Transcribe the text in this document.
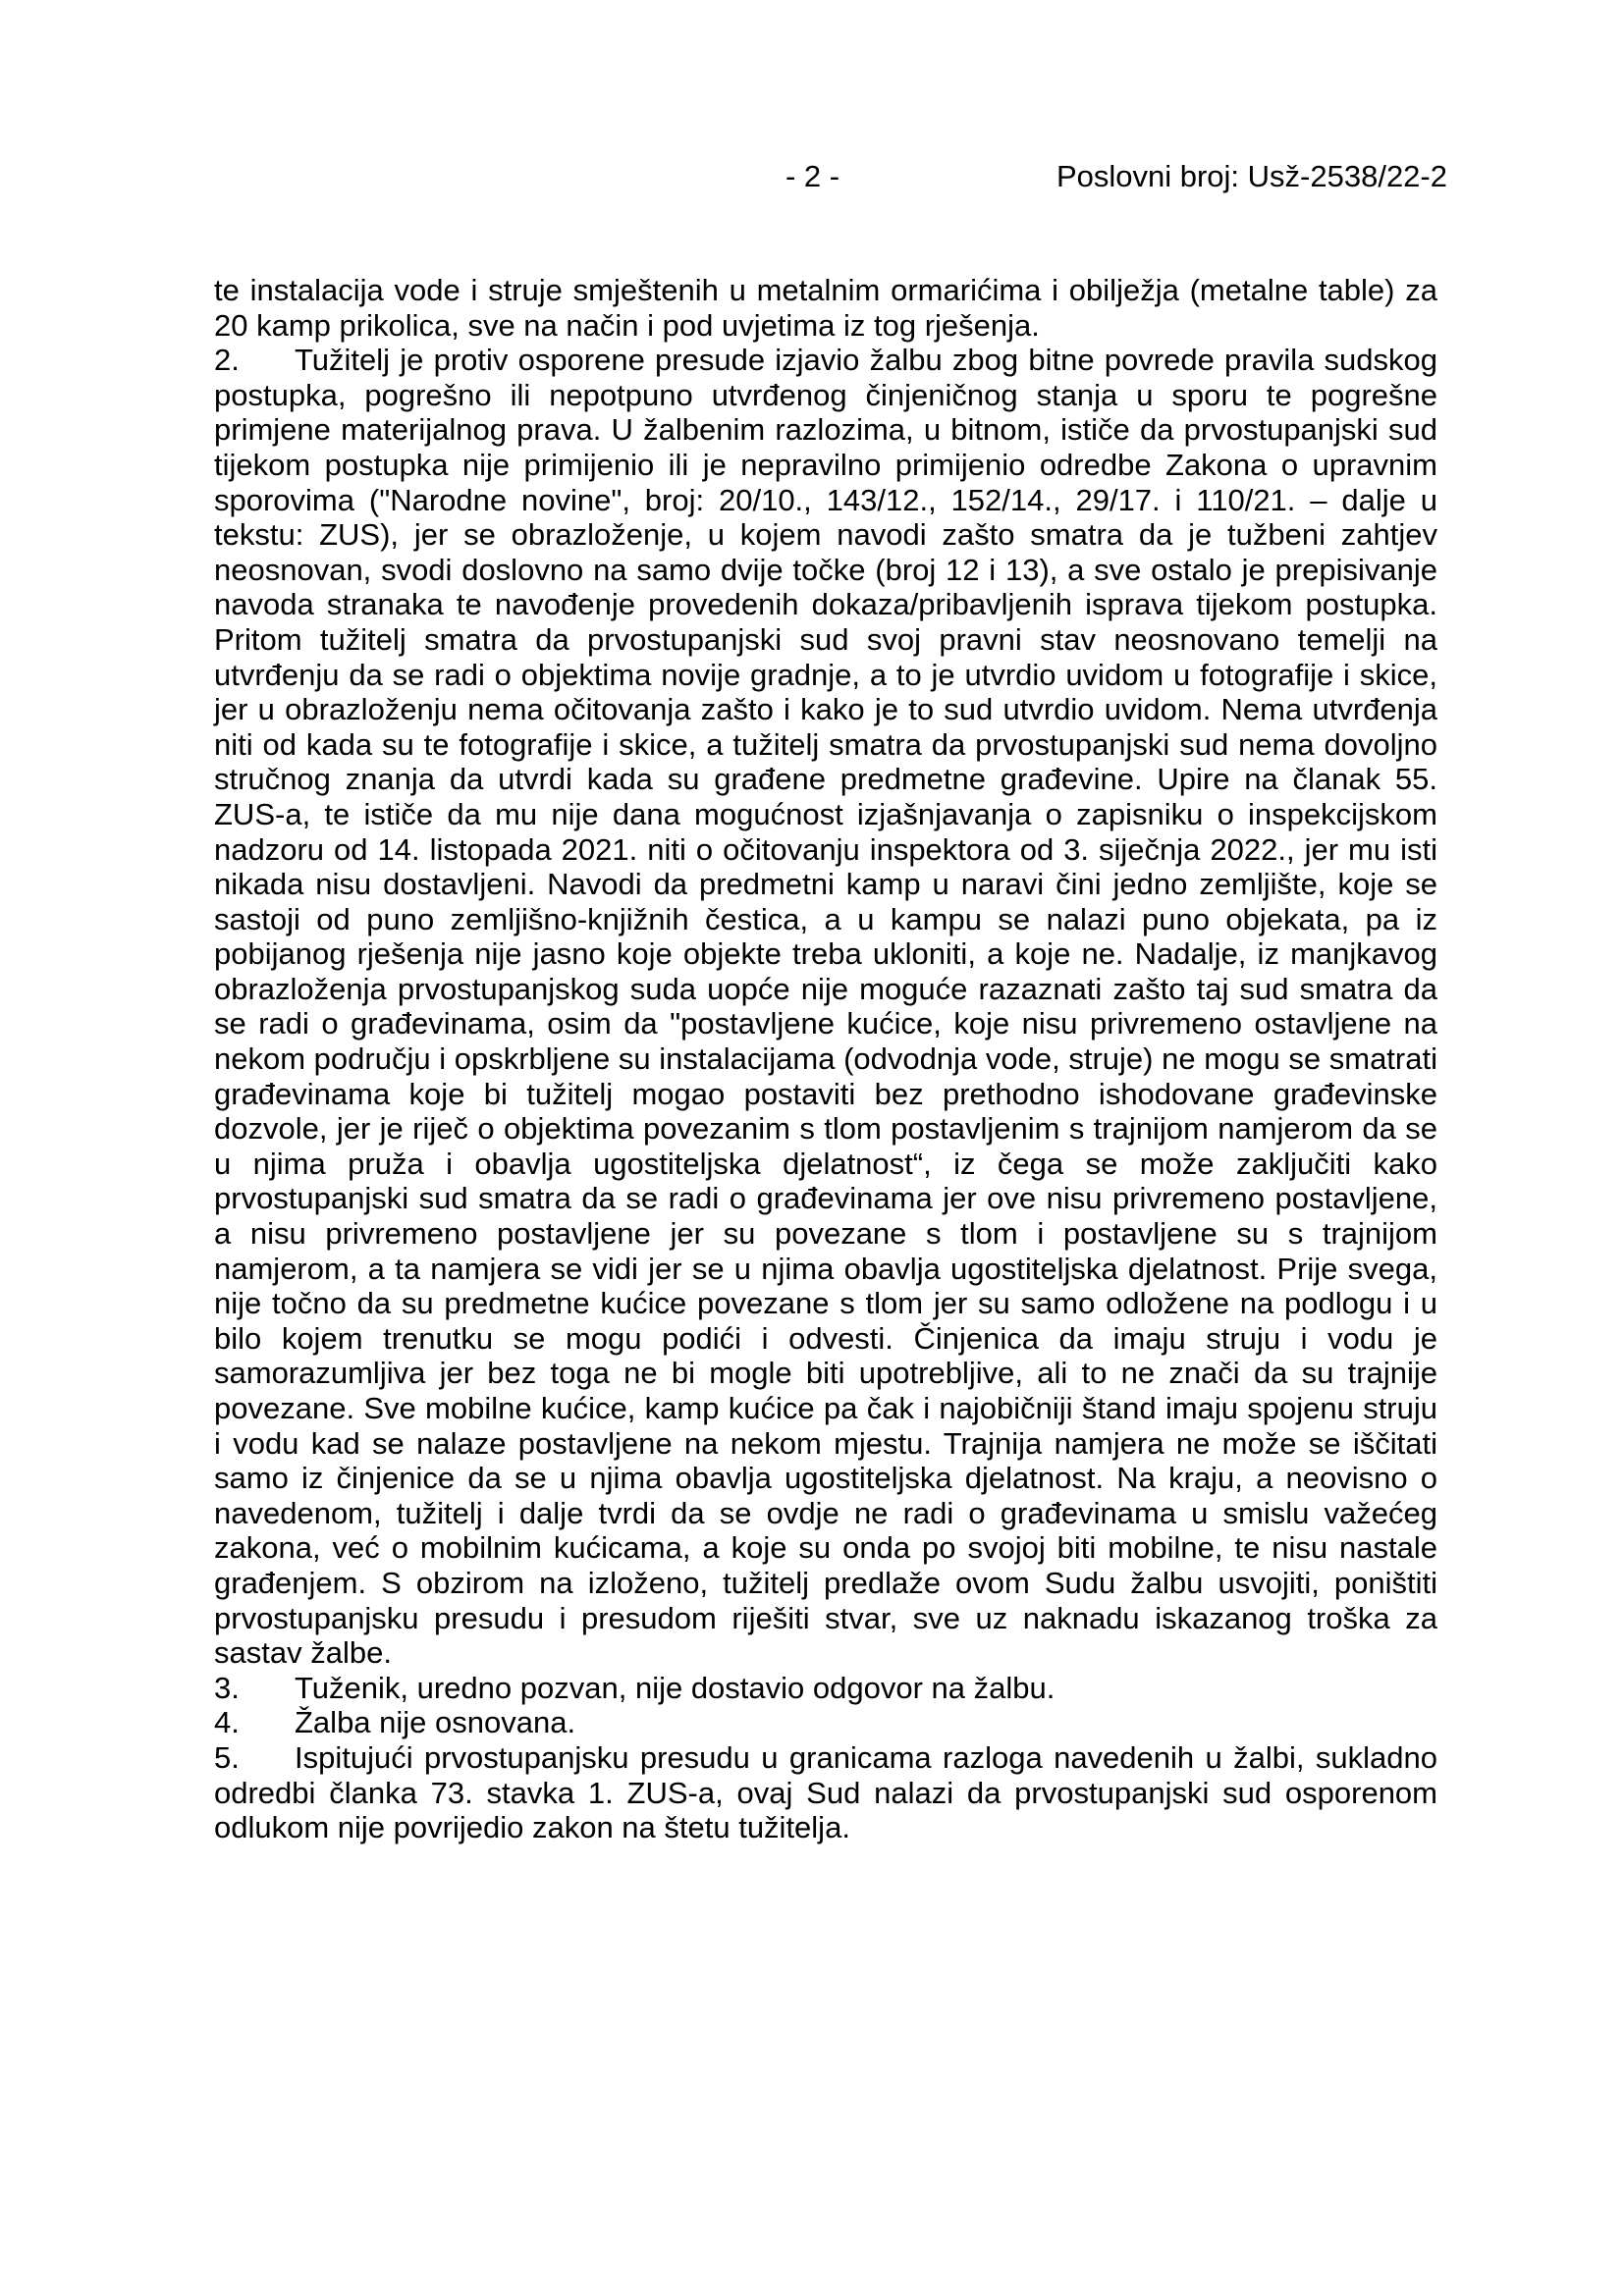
- 2 -	Poslovni broj: Usž-2538/22-2

te instalacija vode i struje smještenih u metalnim ormarićima i obilježja (metalne table) za 20 kamp prikolica, sve na način i pod uvjetima iz tog rješenja.

2. Tužitelj je protiv osporene presude izjavio žalbu zbog bitne povrede pravila sudskog postupka, pogrešno ili nepotpuno utvrđenog činjeničnog stanja u sporu te pogrešne primjene materijalnog prava. U žalbenim razlozima, u bitnom, ističe da prvostupanjski sud tijekom postupka nije primijenio ili je nepravilno primijenio odredbe Zakona o upravnim sporovima ("Narodne novine", broj: 20/10., 143/12., 152/14., 29/17. i 110/21. – dalje u tekstu: ZUS), jer se obrazloženje, u kojem navodi zašto smatra da je tužbeni zahtjev neosnovan, svodi doslovno na samo dvije točke (broj 12 i 13), a sve ostalo je prepisivanje navoda stranaka te navođenje provedenih dokaza/pribavljenih isprava tijekom postupka. Pritom tužitelj smatra da prvostupanjski sud svoj pravni stav neosnovano temelji na utvrđenju da se radi o objektima novije gradnje, a to je utvrdio uvidom u fotografije i skice, jer u obrazloženju nema očitovanja zašto i kako je to sud utvrdio uvidom. Nema utvrđenja niti od kada su te fotografije i skice, a tužitelj smatra da prvostupanjski sud nema dovoljno stručnog znanja da utvrdi kada su građene predmetne građevine. Upire na članak 55. ZUS-a, te ističe da mu nije dana mogućnost izjašnjavanja o zapisniku o inspekcijskom nadzoru od 14. listopada 2021. niti o očitovanju inspektora od 3. siječnja 2022., jer mu isti nikada nisu dostavljeni. Navodi da predmetni kamp u naravi čini jedno zemljište, koje se sastoji od puno zemljišno-knjižnih čestica, a u kampu se nalazi puno objekata, pa iz pobijanog rješenja nije jasno koje objekte treba ukloniti, a koje ne. Nadalje, iz manjkavog obrazloženja prvostupanjskog suda uopće nije moguće razaznati zašto taj sud smatra da se radi o građevinama, osim da "postavljene kućice, koje nisu privremeno ostavljene na nekom području i opskrbljene su instalacijama (odvodnja vode, struje) ne mogu se smatrati građevinama koje bi tužitelj mogao postaviti bez prethodno ishodovane građevinske dozvole, jer je riječ o objektima povezanim s tlom postavljenim s trajnijom namjerom da se u njima pruža i obavlja ugostiteljska djelatnost“, iz čega se može zaključiti kako prvostupanjski sud smatra da se radi o građevinama jer ove nisu privremeno postavljene, a nisu privremeno postavljene jer su povezane s tlom i postavljene su s trajnijom namjerom, a ta namjera se vidi jer se u njima obavlja ugostiteljska djelatnost. Prije svega, nije točno da su predmetne kućice povezane s tlom jer su samo odložene na podlogu i u bilo kojem trenutku se mogu podići i odvesti. Činjenica da imaju struju i vodu je samorazumljiva jer bez toga ne bi mogle biti upotrebljive, ali to ne znači da su trajnije povezane. Sve mobilne kućice, kamp kućice pa čak i najobičniji štand imaju spojenu struju i vodu kad se nalaze postavljene na nekom mjestu. Trajnija namjera ne može se iščitati samo iz činjenice da se u njima obavlja ugostiteljska djelatnost. Na kraju, a neovisno o navedenom, tužitelj i dalje tvrdi da se ovdje ne radi o građevinama u smislu važećeg zakona, već o mobilnim kućicama, a koje su onda po svojoj biti mobilne, te nisu nastale građenjem. S obzirom na izloženo, tužitelj predlaže ovom Sudu žalbu usvojiti, poništiti prvostupanjsku presudu i presudom riješiti stvar, sve uz naknadu iskazanog troška za sastav žalbe.

3. Tuženik, uredno pozvan, nije dostavio odgovor na žalbu.

4. Žalba nije osnovana.

5. Ispitujući prvostupanjsku presudu u granicama razloga navedenih u žalbi, sukladno odredbi članka 73. stavka 1. ZUS-a, ovaj Sud nalazi da prvostupanjski sud osporenom odlukom nije povrijedio zakon na štetu tužitelja.
